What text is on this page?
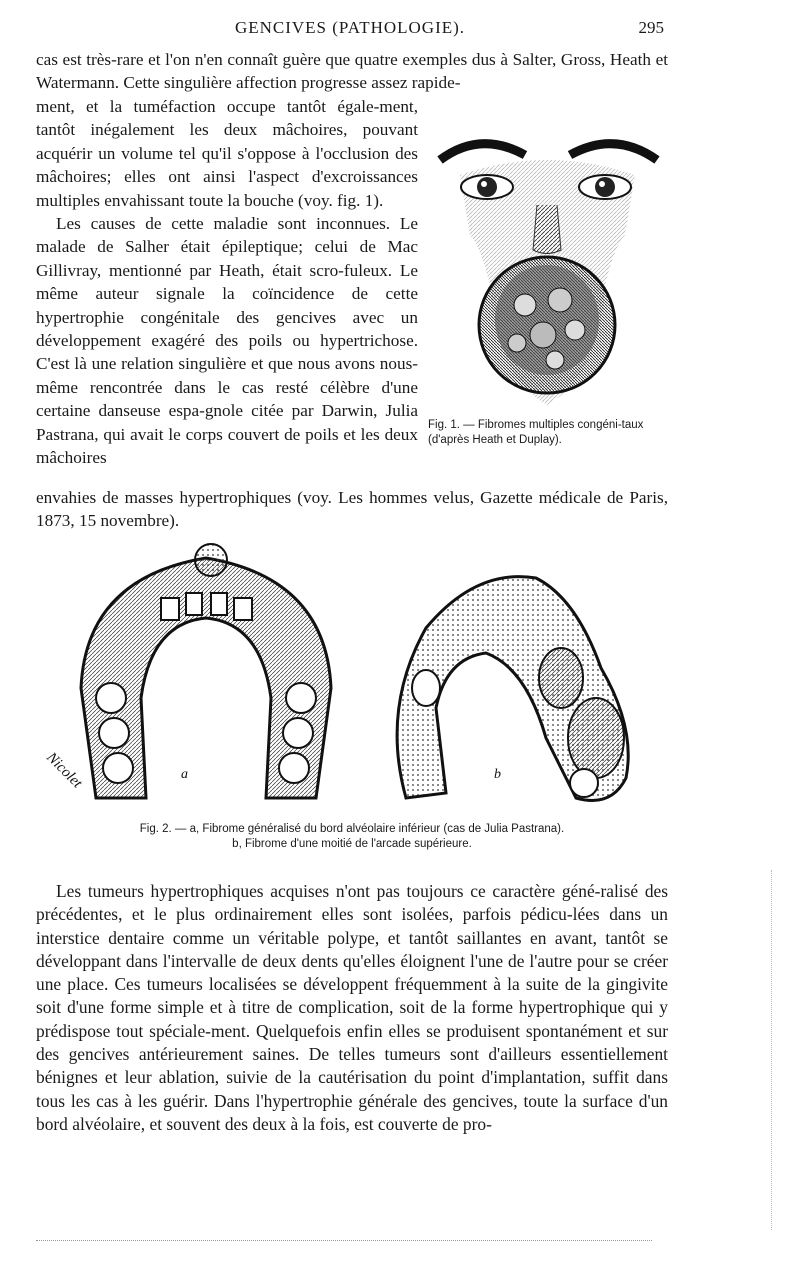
GENCIVES (PATHOLOGIE).	295

cas est très-rare et l'on n'en connaît guère que quatre exemples dus à Salter, Gross, Heath et Watermann. Cette singulière affection progresse assez rapide-

ment, et la tuméfaction occupe tantôt égale-ment, tantôt inégalement les deux mâchoires, pouvant acquérir un volume tel qu'il s'oppose à l'occlusion des mâchoires; elles ont ainsi l'aspect d'excroissances multiples envahissant toute la bouche (voy. fig. 1).

Les causes de cette maladie sont inconnues. Le malade de Salher était épileptique; celui de Mac Gillivray, mentionné par Heath, était scro-fuleux. Le même auteur signale la coïncidence de cette hypertrophie congénitale des gencives avec un développement exagéré des poils ou hypertrichose. C'est là une relation singulière et que nous avons nous-même rencontrée dans le cas resté célèbre d'une certaine danseuse espa-gnole citée par Darwin, Julia Pastrana, qui avait le corps couvert de poils et les deux mâchoires

envahies de masses hypertrophiques (voy. Les hommes velus, Gazette médicale de Paris, 1873, 15 novembre).

Fig. 1. — Fibromes multiples congéni-taux (d'après Heath et Duplay).
a
Nicolet	b
Fig. 2. — a, Fibrome généralisé du bord alvéolaire inférieur (cas de Julia Pastrana).
b, Fibrome d'une moitié de l'arcade supérieure.

Les tumeurs hypertrophiques acquises n'ont pas toujours ce caractère géné-ralisé des précédentes, et le plus ordinairement elles sont isolées, parfois pédicu-lées dans un interstice dentaire comme un véritable polype, et tantôt saillantes en avant, tantôt se développant dans l'intervalle de deux dents qu'elles éloignent l'une de l'autre pour se créer une place. Ces tumeurs localisées se développent fréquemment à la suite de la gingivite soit d'une forme simple et à titre de complication, soit de la forme hypertrophique qui y prédispose tout spéciale-ment. Quelquefois enfin elles se produisent spontanément et sur des gencives antérieurement saines. De telles tumeurs sont d'ailleurs essentiellement bénignes et leur ablation, suivie de la cautérisation du point d'implantation, suffit dans tous les cas à les guérir. Dans l'hypertrophie générale des gencives, toute la surface d'un bord alvéolaire, et souvent des deux à la fois, est couverte de pro-
